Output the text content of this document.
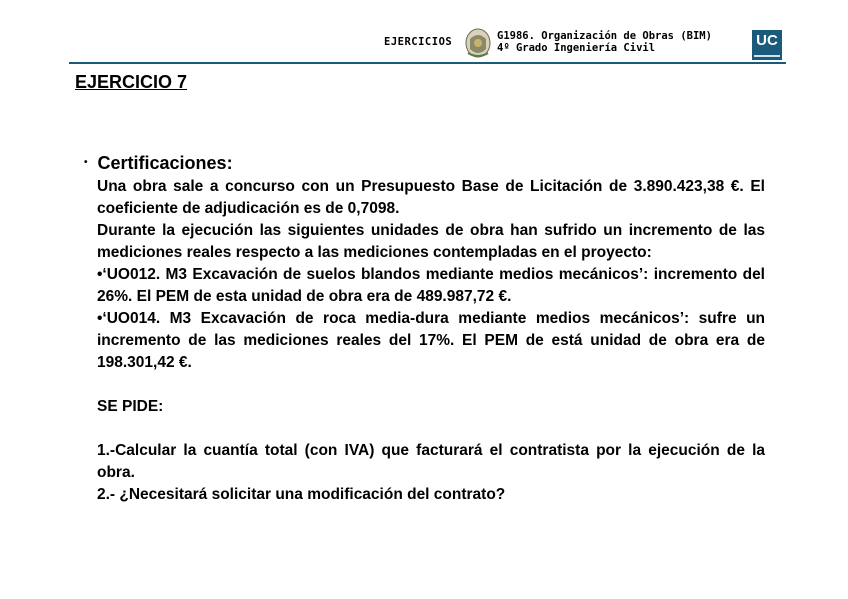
EJERCICIOS	G1986. Organización de Obras (BIM)
4º Grado Ingeniería Civil	UC
EJERCICIO 7
• Certificaciones:

Una obra sale a concurso con un Presupuesto Base de Licitación de 3.890.423,38 €. El coeficiente de adjudicación es de 0,7098.

Durante la ejecución las siguientes unidades de obra han sufrido un incremento de las mediciones reales respecto a las mediciones contempladas en el proyecto:

•‘UO012. M3 Excavación de suelos blandos mediante medios mecánicos’: incremento del 26%. El PEM de esta unidad de obra era de 489.987,72 €.

•‘UO014. M3 Excavación de roca media-dura mediante medios mecánicos’: sufre un incremento de las mediciones reales del 17%. El PEM de está unidad de obra era de 198.301,42 €.

SE PIDE:

1.-Calcular la cuantía total (con IVA) que facturará el contratista por la ejecución de la obra.

2.- ¿Necesitará solicitar una modificación del contrato?
